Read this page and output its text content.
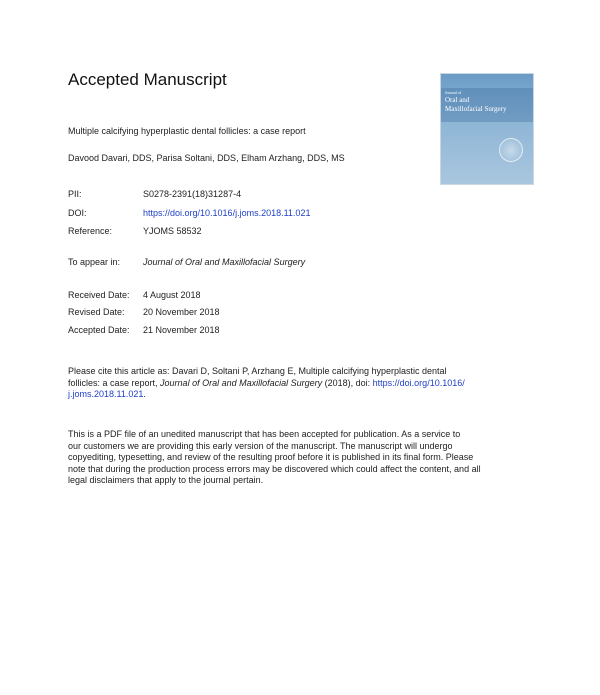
Accepted Manuscript
Journal of
Oral and
Maxillofacial Surgery
Multiple calcifying hyperplastic dental follicles: a case report
Davood Davari, DDS, Parisa Soltani, DDS, Elham Arzhang, DDS, MS
PII:	S0278-2391(18)31287-4
DOI:	https://doi.org/10.1016/j.joms.2018.11.021
Reference:	YJOMS 58532
To appear in:	Journal of Oral and Maxillofacial Surgery
Received Date: 4 August 2018
Revised Date: 20 November 2018
Accepted Date: 21 November 2018
Please cite this article as: Davari D, Soltani P, Arzhang E, Multiple calcifying hyperplastic dental
follicles: a case report, Journal of Oral and Maxillofacial Surgery (2018), doi: https://doi.org/10.1016/
j.joms.2018.11.021.
This is a PDF file of an unedited manuscript that has been accepted for publication. As a service to
our customers we are providing this early version of the manuscript. The manuscript will undergo
copyediting, typesetting, and review of the resulting proof before it is published in its final form. Please
note that during the production process errors may be discovered which could affect the content, and all
legal disclaimers that apply to the journal pertain.
